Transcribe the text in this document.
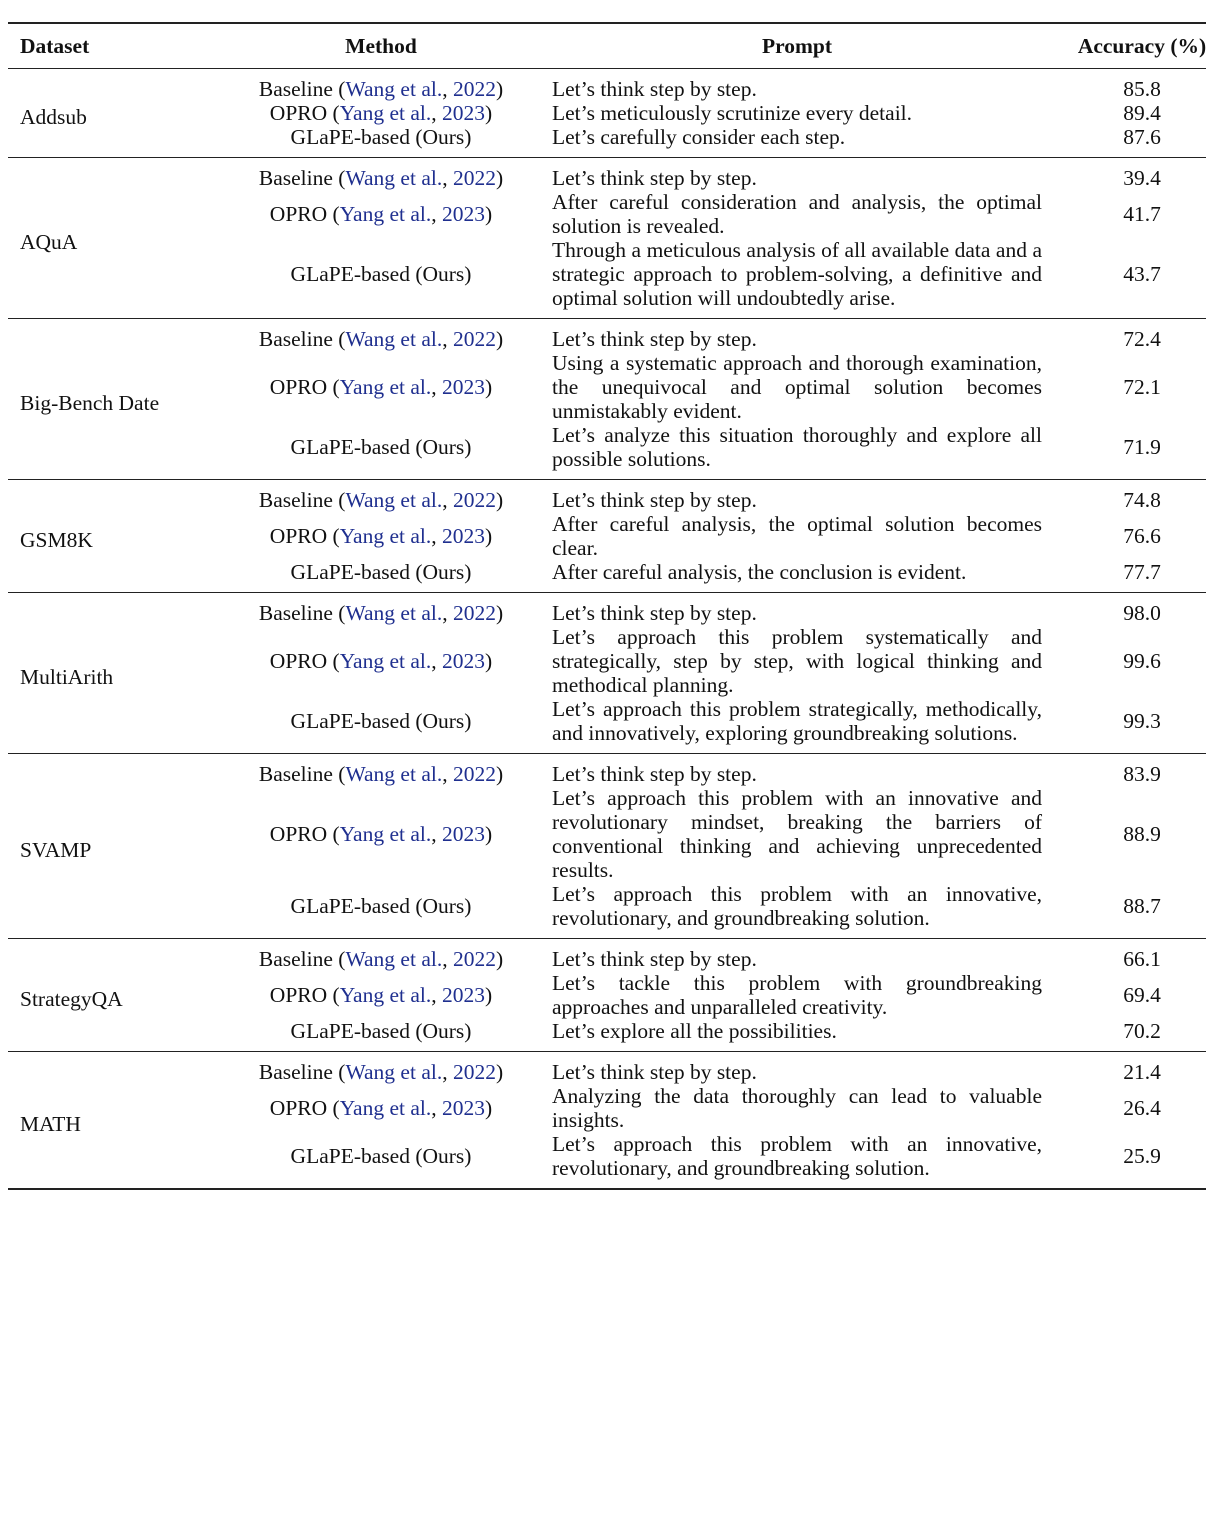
Dataset	Method	Prompt	Accuracy (%)
Addsub	Baseline (Wang et al., 2022)	Let’s think step by step.	85.8
	OPRO (Yang et al., 2023)	Let’s meticulously scrutinize every detail.	89.4
	GLaPE-based (Ours)	Let’s carefully consider each step.	87.6
AQuA	Baseline (Wang et al., 2022)	Let’s think step by step.	39.4
	OPRO (Yang et al., 2023)	After careful consideration and analysis, the optimal solution is revealed.	41.7
	GLaPE-based (Ours)	Through a meticulous analysis of all available data and a strategic approach to problem-solving, a definitive and optimal solution will undoubtedly arise.	43.7
Big-Bench Date	Baseline (Wang et al., 2022)	Let’s think step by step.	72.4
	OPRO (Yang et al., 2023)	Using a systematic approach and thorough examination, the unequivocal and optimal solution becomes unmistakably evident.	72.1
	GLaPE-based (Ours)	Let’s analyze this situation thoroughly and explore all possible solutions.	71.9
GSM8K	Baseline (Wang et al., 2022)	Let’s think step by step.	74.8
	OPRO (Yang et al., 2023)	After careful analysis, the optimal solution becomes clear.	76.6
	GLaPE-based (Ours)	After careful analysis, the conclusion is evident.	77.7
MultiArith	Baseline (Wang et al., 2022)	Let’s think step by step.	98.0
	OPRO (Yang et al., 2023)	Let’s approach this problem systematically and strategically, step by step, with logical thinking and methodical planning.	99.6
	GLaPE-based (Ours)	Let’s approach this problem strategically, methodically, and innovatively, exploring groundbreaking solutions.	99.3
SVAMP	Baseline (Wang et al., 2022)	Let’s think step by step.	83.9
	OPRO (Yang et al., 2023)	Let’s approach this problem with an innovative and revolutionary mindset, breaking the barriers of conventional thinking and achieving unprecedented results.	88.9
	GLaPE-based (Ours)	Let’s approach this problem with an innovative, revolutionary, and groundbreaking solution.	88.7
StrategyQA	Baseline (Wang et al., 2022)	Let’s think step by step.	66.1
	OPRO (Yang et al., 2023)	Let’s tackle this problem with groundbreaking approaches and unparalleled creativity.	69.4
	GLaPE-based (Ours)	Let’s explore all the possibilities.	70.2
MATH	Baseline (Wang et al., 2022)	Let’s think step by step.	21.4
	OPRO (Yang et al., 2023)	Analyzing the data thoroughly can lead to valuable insights.	26.4
	GLaPE-based (Ours)	Let’s approach this problem with an innovative, revolutionary, and groundbreaking solution.	25.9
